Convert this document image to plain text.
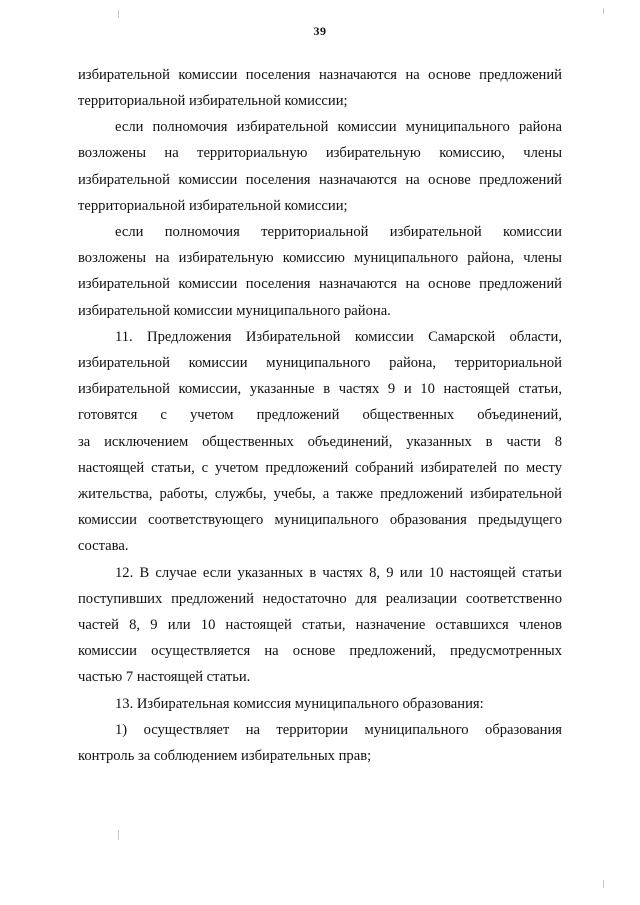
39
избирательной комиссии поселения назначаются на основе предложений
территориальной избирательной комиссии;
если полномочия избирательной комиссии муниципального района
возложены на территориальную избирательную комиссию, члены
избирательной комиссии поселения назначаются на основе предложений
территориальной избирательной комиссии;
если полномочия территориальной избирательной комиссии
возложены на избирательную комиссию муниципального района, члены
избирательной комиссии поселения назначаются на основе предложений
избирательной комиссии муниципального района.
11. Предложения Избирательной комиссии Самарской области,
избирательной комиссии муниципального района, территориальной
избирательной комиссии, указанные в частях 9 и 10 настоящей статьи,
готовятся с учетом предложений общественных объединений,
за исключением общественных объединений, указанных в части 8
настоящей статьи, с учетом предложений собраний избирателей по месту
жительства, работы, службы, учебы, а также предложений избирательной
комиссии соответствующего муниципального образования предыдущего
состава.
12. В случае если указанных в частях 8, 9 или 10 настоящей статьи
поступивших предложений недостаточно для реализации соответственно
частей 8, 9 или 10 настоящей статьи, назначение оставшихся членов
комиссии осуществляется на основе предложений, предусмотренных
частью 7 настоящей статьи.
13. Избирательная комиссия муниципального образования:
1) осуществляет на территории муниципального образования
контроль за соблюдением избирательных прав;
